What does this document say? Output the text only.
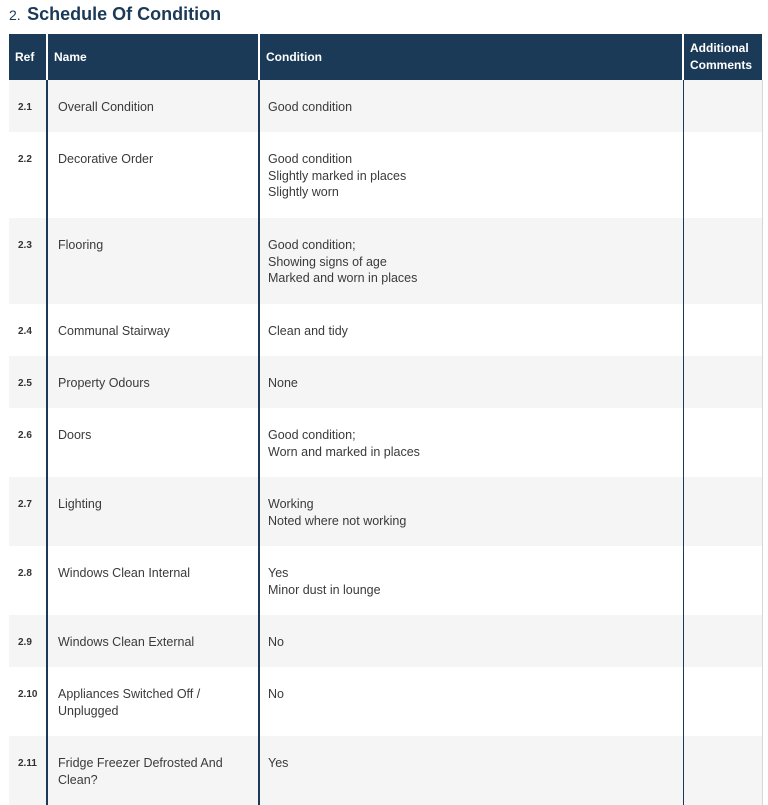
2. Schedule Of Condition
Ref	Name	Condition	Additional
Comments

2.1	Overall Condition	Good condition	

2.2	Decorative Order	Good condition
Slightly marked in places
Slightly worn	

2.3	Flooring	Good condition;
Showing signs of age
Marked and worn in places	

2.4	Communal Stairway	Clean and tidy	

2.5	Property Odours	None	

2.6	Doors	Good condition;
Worn and marked in places	

2.7	Lighting	Working
Noted where not working	

2.8	Windows Clean Internal	Yes
Minor dust in lounge	

2.9	Windows Clean External	No	

2.10	Appliances Switched Off /
Unplugged	No	

2.11	Fridge Freezer Defrosted And
Clean?	Yes	
